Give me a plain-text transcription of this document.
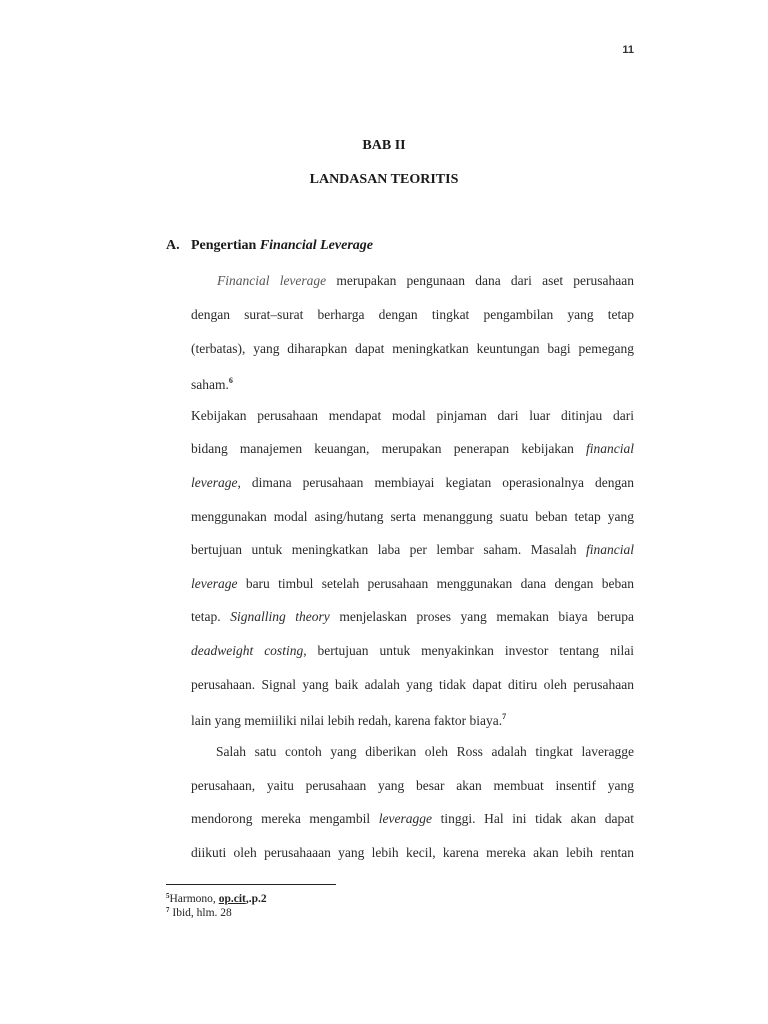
11
BAB II
LANDASAN TEORITIS
A. Pengertian Financial Leverage
Financial leverage merupakan pengunaan dana dari aset perusahaan
dengan surat–surat berharga dengan tingkat pengambilan yang tetap
(terbatas), yang diharapkan dapat meningkatkan keuntungan bagi pemegang
saham.$^6$
Kebijakan perusahaan mendapat modal pinjaman dari luar ditinjau dari
bidang manajemen keuangan, merupakan penerapan kebijakan financial
leverage, dimana perusahaan membiayai kegiatan operasionalnya dengan
menggunakan modal asing/hutang serta menanggung suatu beban tetap yang
bertujuan untuk meningkatkan laba per lembar saham. Masalah financial
leverage baru timbul setelah perusahaan menggunakan dana dengan beban
tetap. Signalling theory menjelaskan proses yang memakan biaya berupa
deadweight costing, bertujuan untuk menyakinkan investor tentang nilai
perusahaan. Signal yang baik adalah yang tidak dapat ditiru oleh perusahaan
lain yang memiiliki nilai lebih redah, karena faktor biaya.$^7$
Salah satu contoh yang diberikan oleh Ross adalah tingkat laveragge
perusahaan, yaitu perusahaan yang besar akan membuat insentif yang
mendorong mereka mengambil leveragge tinggi. Hal ini tidak akan dapat
diikuti oleh perusahaaan yang lebih kecil, karena mereka akan lebih rentan
$^5$Harmono, op.cit,.p.2
$^7$ Ibid, hlm. 28
